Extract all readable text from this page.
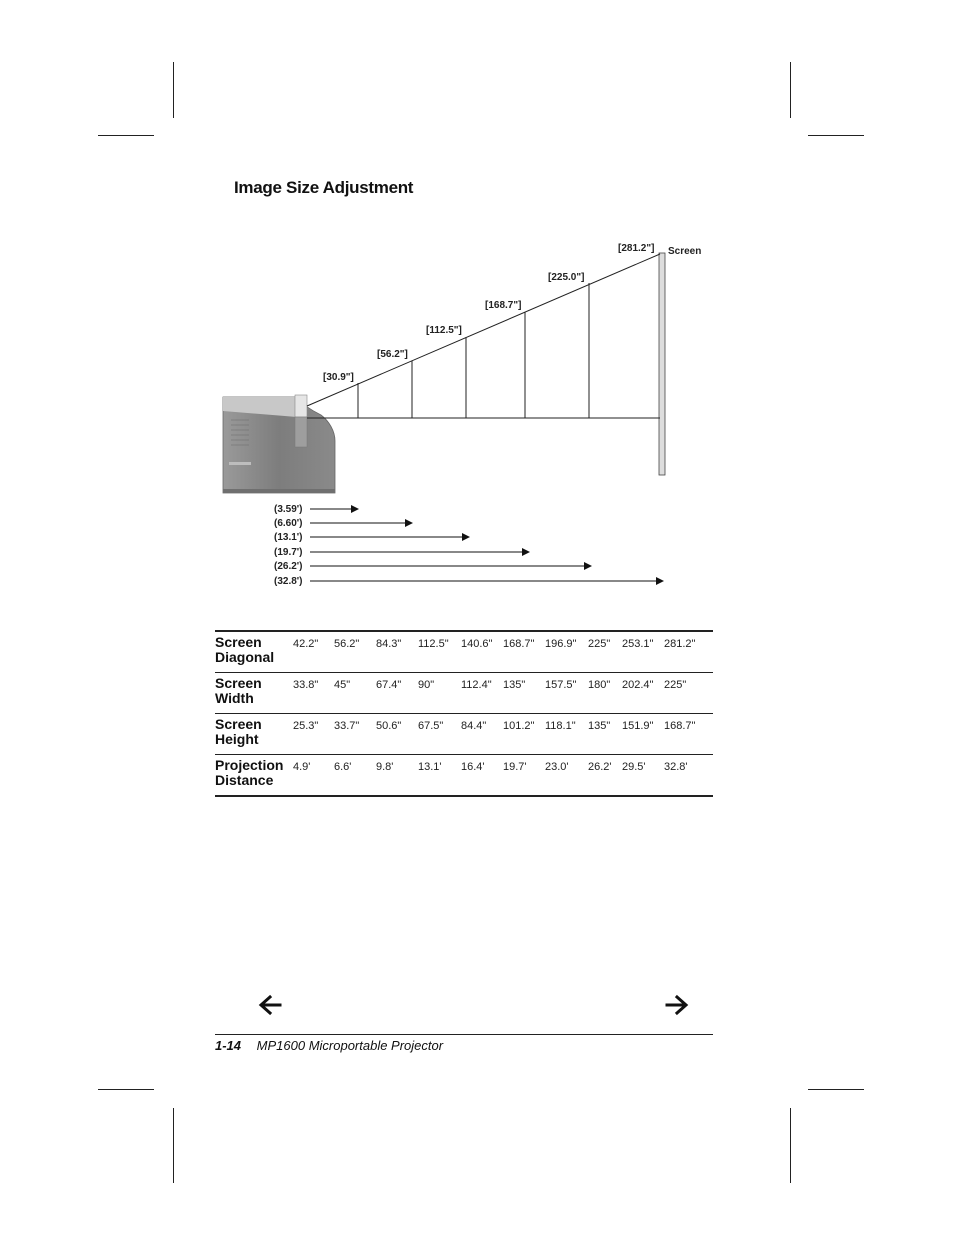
Image Size Adjustment
Screen
[30.9"]
[56.2"]
[112.5"]
[168.7"]
[225.0"]
[281.2"]
(3.59')
(6.60')
(13.1')
(19.7')
(26.2')
(32.8')
Screen
Diagonal	42.2"	56.2"	84.3"	112.5"	140.6"	168.7"	196.9"	225"	253.1"	281.2"

Screen
Width	33.8"	45"	67.4"	90"	112.4"	135"	157.5"	180"	202.4"	225"

Screen
Height	25.3"	33.7"	50.6"	67.5"	84.4"	101.2"	118.1"	135"	151.9"	168.7"

Projection
Distance	4.9'	6.6'	9.8'	13.1'	16.4'	19.7'	23.0'	26.2'	29.5'	32.8'
1-14 MP1600 Microportable Projector
